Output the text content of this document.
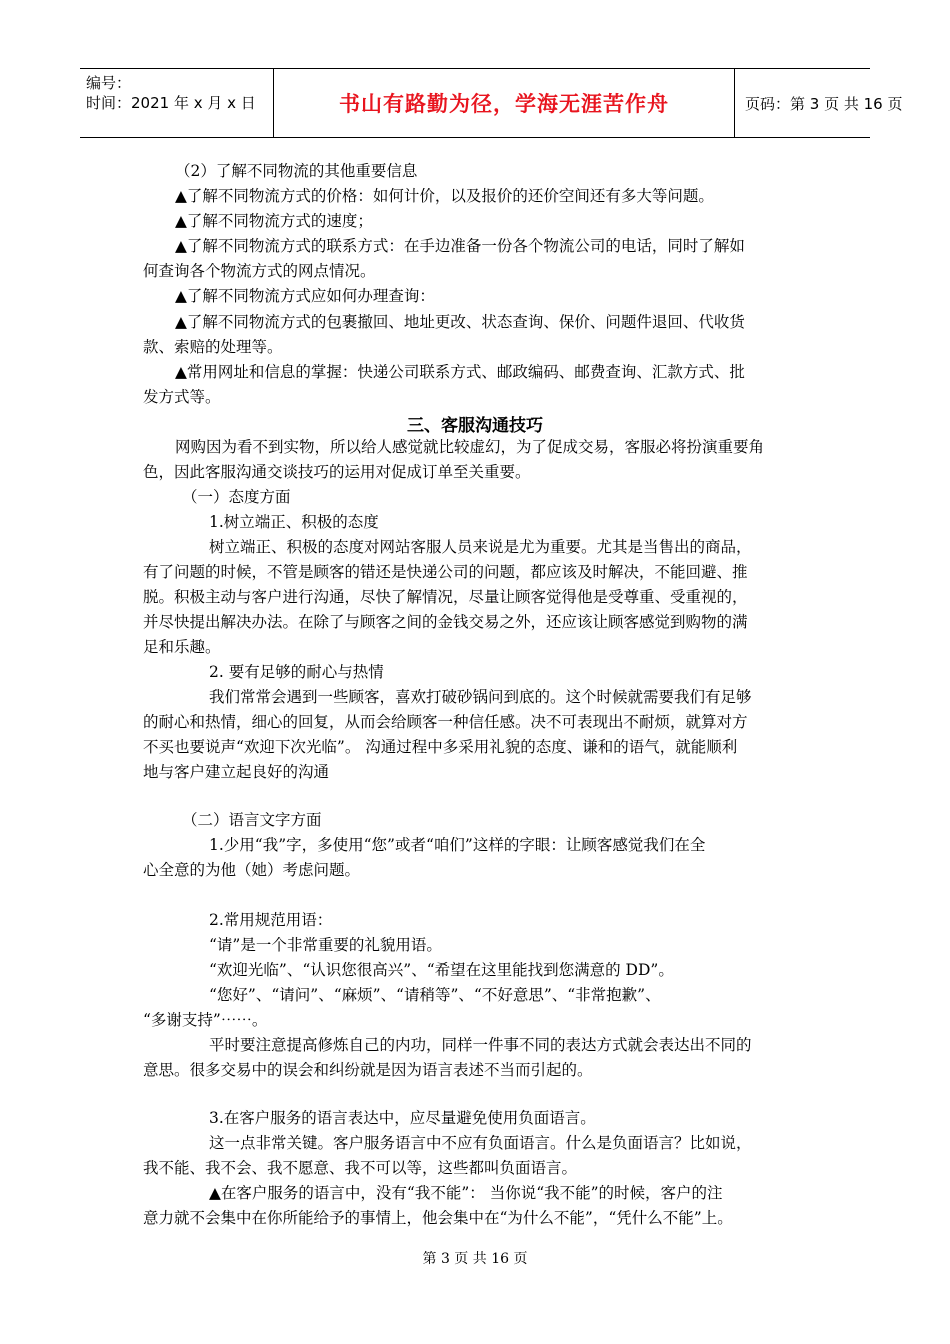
编号：
时间：2021 年 x 月 x 日	书山有路勤为径，学海无涯苦作舟	页码：第 3 页 共 16 页
（2）了解不同物流的其他重要信息
▲了解不同物流方式的价格：如何计价，以及报价的还价空间还有多大等问题。
▲了解不同物流方式的速度；
▲了解不同物流方式的联系方式：在手边准备一份各个物流公司的电话，同时了解如
何查询各个物流方式的网点情况。
▲了解不同物流方式应如何办理查询：
▲了解不同物流方式的包裹撤回、地址更改、状态查询、保价、问题件退回、代收货
款、索赔的处理等。
▲常用网址和信息的掌握：快递公司联系方式、邮政编码、邮费查询、汇款方式、批
发方式等。
三、客服沟通技巧
网购因为看不到实物，所以给人感觉就比较虚幻，为了促成交易，客服必将扮演重要角
色，因此客服沟通交谈技巧的运用对促成订单至关重要。
（一）态度方面
1.树立端正、积极的态度
树立端正、积极的态度对网站客服人员来说是尤为重要。尤其是当售出的商品，
有了问题的时候，不管是顾客的错还是快递公司的问题，都应该及时解决，不能回避、推
脱。积极主动与客户进行沟通，尽快了解情况，尽量让顾客觉得他是受尊重、受重视的，
并尽快提出解决办法。在除了与顾客之间的金钱交易之外，还应该让顾客感觉到购物的满
足和乐趣。
2. 要有足够的耐心与热情
我们常常会遇到一些顾客，喜欢打破砂锅问到底的。这个时候就需要我们有足够
的耐心和热情，细心的回复，从而会给顾客一种信任感。决不可表现出不耐烦，就算对方
不买也要说声“欢迎下次光临”。 沟通过程中多采用礼貌的态度、谦和的语气，就能顺利
地与客户建立起良好的沟通
（二）语言文字方面
1.少用“我”字，多使用“您”或者“咱们”这样的字眼：让顾客感觉我们在全
心全意的为他（她）考虑问题。
2.常用规范用语：
“请”是一个非常重要的礼貌用语。
“欢迎光临”、“认识您很高兴”、“希望在这里能找到您满意的 DD”。
“您好”、“请问”、“麻烦”、“请稍等”、“不好意思”、“非常抱歉”、
“多谢支持”⋯⋯。
平时要注意提高修炼自己的内功，同样一件事不同的表达方式就会表达出不同的
意思。很多交易中的误会和纠纷就是因为语言表述不当而引起的。
3.在客户服务的语言表达中，应尽量避免使用负面语言。
这一点非常关键。客户服务语言中不应有负面语言。什么是负面语言？比如说，
我不能、我不会、我不愿意、我不可以等，这些都叫负面语言。
▲在客户服务的语言中，没有“我不能”： 当你说“我不能”的时候，客户的注
意力就不会集中在你所能给予的事情上，他会集中在“为什么不能”，“凭什么不能”上。
第 3 页 共 16 页
